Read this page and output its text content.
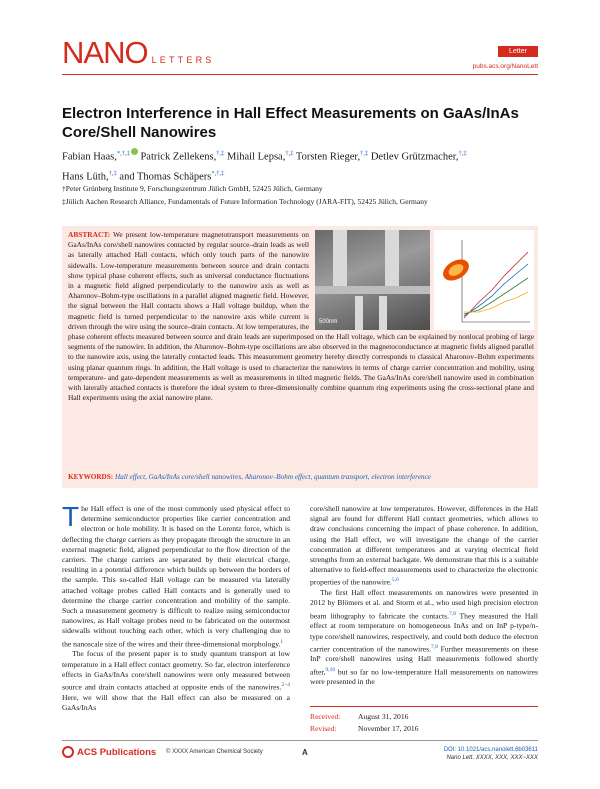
NANO LETTERS
Letter
pubs.acs.org/NanoLett
Electron Interference in Hall Effect Measurements on GaAs/InAs Core/Shell Nanowires
Fabian Haas,*,†,‡ Patrick Zellekens,†,‡ Mihail Lepsa,†,‡ Torsten Rieger,†,‡ Detlev Grützmacher,†,‡
Hans Lüth,†,‡ and Thomas Schäpers*,†,‡
†Peter Grünberg Institute 9, Forschungszentrum Jülich GmbH, 52425 Jülich, Germany
‡Jülich Aachen Research Alliance, Fundamentals of Future Information Technology (JARA-FIT), 52425 Jülich, Germany
500nm
ABSTRACT: We present low-temperature magnetotransport measurements on GaAs/InAs core/shell nanowires contacted by regular source–drain leads as well as laterally attached Hall contacts, which only touch parts of the nanowire sidewalls. Low-temperature measurements between source and drain contacts show typical phase coherent effects, such as universal conductance fluctuations in a magnetic field aligned perpendicularly to the nanowire axis as well as Aharonov–Bohm-type oscillations in a parallel aligned magnetic field. However, the signal between the Hall contacts shows a Hall voltage buildup, when the magnetic field is turned perpendicular to the nanowire axis while current is driven through the wire using the source–drain contacts. At low temperatures, the phase coherent effects measured between source and drain leads are superimposed on the Hall voltage, which can be explained by nonlocal probing of large segments of the nanowire. In addition, the Aharonov–Bohm-type oscillations are also observed in the magnetoconductance at magnetic fields aligned parallel to the nanowire axis, using the laterally contacted leads. This measurement geometry hereby directly corresponds to classical Aharonov–Bohm experiments using planar quantum rings. In addition, the Hall voltage is used to characterize the nanowires in terms of charge carrier concentration and mobility, using temperature- and gate-dependent measurements as well as measurements in tilted magnetic fields. The GaAs/InAs core/shell nanowire used in combination with laterally attached contacts is therefore the ideal system to three-dimensionally combine quantum ring experiments using the cross-sectional plane and Hall experiments using the axial nanowire plane.
KEYWORDS: Hall effect, GaAs/InAs core/shell nanowires, Aharonov–Bohm effect, quantum transport, electron interference

The Hall effect is one of the most commonly used physical effect to determine semiconductor properties like carrier concentration and electron or hole mobility. It is based on the Lorentz force, which is deflecting the charge carriers as they propagate through the structure in an external magnetic field, aligned perpendicular to the flow direction of the carriers. The charge carriers are separated by their electrical charge, resulting in a potential difference which builds up between the borders of the sample. This so-called Hall voltage can be measured via laterally attached voltage probes called Hall contacts and is generally used to determine the charge carrier concentration and mobility of the sample. Such a measurement geometry is difficult to realize using semiconductor nanowires, as Hall voltage probes need to be fabricated on the outermost sidewalls without touching each other, which is very challenging due to the nanoscale size of the wires and their three-dimensional morphology.$^1$

The focus of the present paper is to study quantum transport at low temperature in a Hall effect contact geometry. So far, electron interference effects in GaAs/InAs core/shell nanowires were only measured between source and drain contacts attached at opposite ends of the nanowires.$^{2-4}$ Here, we will show that the Hall effect can also be measured on a GaAs/InAs

core/shell nanowire at low temperatures. However, differences in the Hall signal are found for different Hall contact geometries, which allows to draw conclusions concerning the impact of phase coherence. In addition, using the Hall effect, we will investigate the change of the carrier concentration at different temperatures and at varying electrical field strengths from an external backgate. We demonstrate that this is a suitable alternative to field-effect measurements used to characterize the electronic properties of the nanowire.$^{5,6}$

The first Hall effect measurements on nanowires were presented in 2012 by Blömers et al. and Storm et al., who used high precision electron beam lithography to fabricate the contacts.$^{7,8}$ They measured the Hall effect at room temperature on homogeneous InAs and on InP p-type/n-type core/shell nanowires, respectively, and could both deduce the electron carrier concentration of the nanowires.$^{7,8}$ Further measurements on these InP core/shell nanowires using Hall measurements followed shortly after,$^{9,10}$ but so far no low-temperature Hall measurements on nanowires were presented in the

Received: August 31, 2016
Revised:	November 17, 2016
ACS Publications © XXXX American Chemical Society	A	DOI: 10.1021/acs.nanolett.6b03611
Nano Lett. XXXX, XXX, XXX−XXX
